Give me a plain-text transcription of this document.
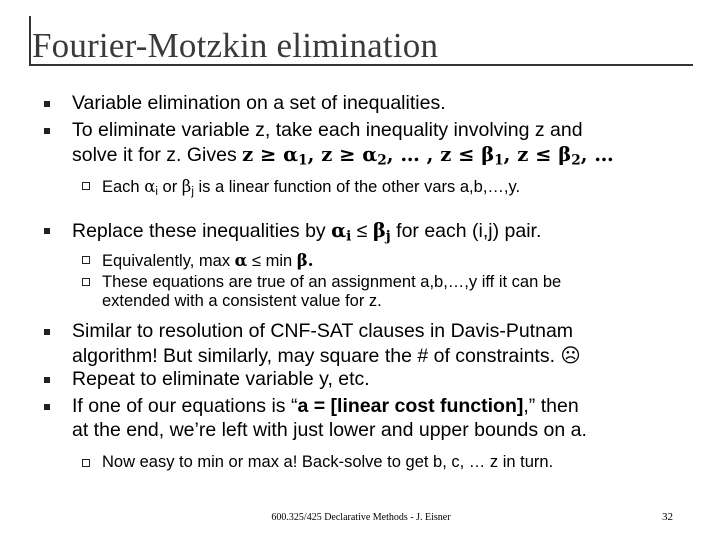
Fourier-Motzkin elimination
Variable elimination on a set of inequalities.
To eliminate variable z, take each inequality involving z and
solve it for z. Gives $z \ge \alpha_1$, $z \ge \alpha_2$, … , $z \le \beta_1$, $z \le \beta_2$, …
Each $\alpha_i$ or $\beta_j$ is a linear function of the other vars a,b,…,y.
Replace these inequalities by $\alpha_i \le \beta_j$ for each (i,j) pair.
Equivalently, max α ≤ min β.
These equations are true of an assignment a,b,…,y iff it can be
extended with a consistent value for z.
Similar to resolution of CNF-SAT clauses in Davis-Putnam
algorithm! But similarly, may square the # of constraints. ☹
Repeat to eliminate variable y, etc.
If one of our equations is “a = [linear cost function],” then
at the end, we’re left with just lower and upper bounds on a.
Now easy to min or max a! Back-solve to get b, c, … z in turn.
600.325/425 Declarative Methods - J. Eisner	32
